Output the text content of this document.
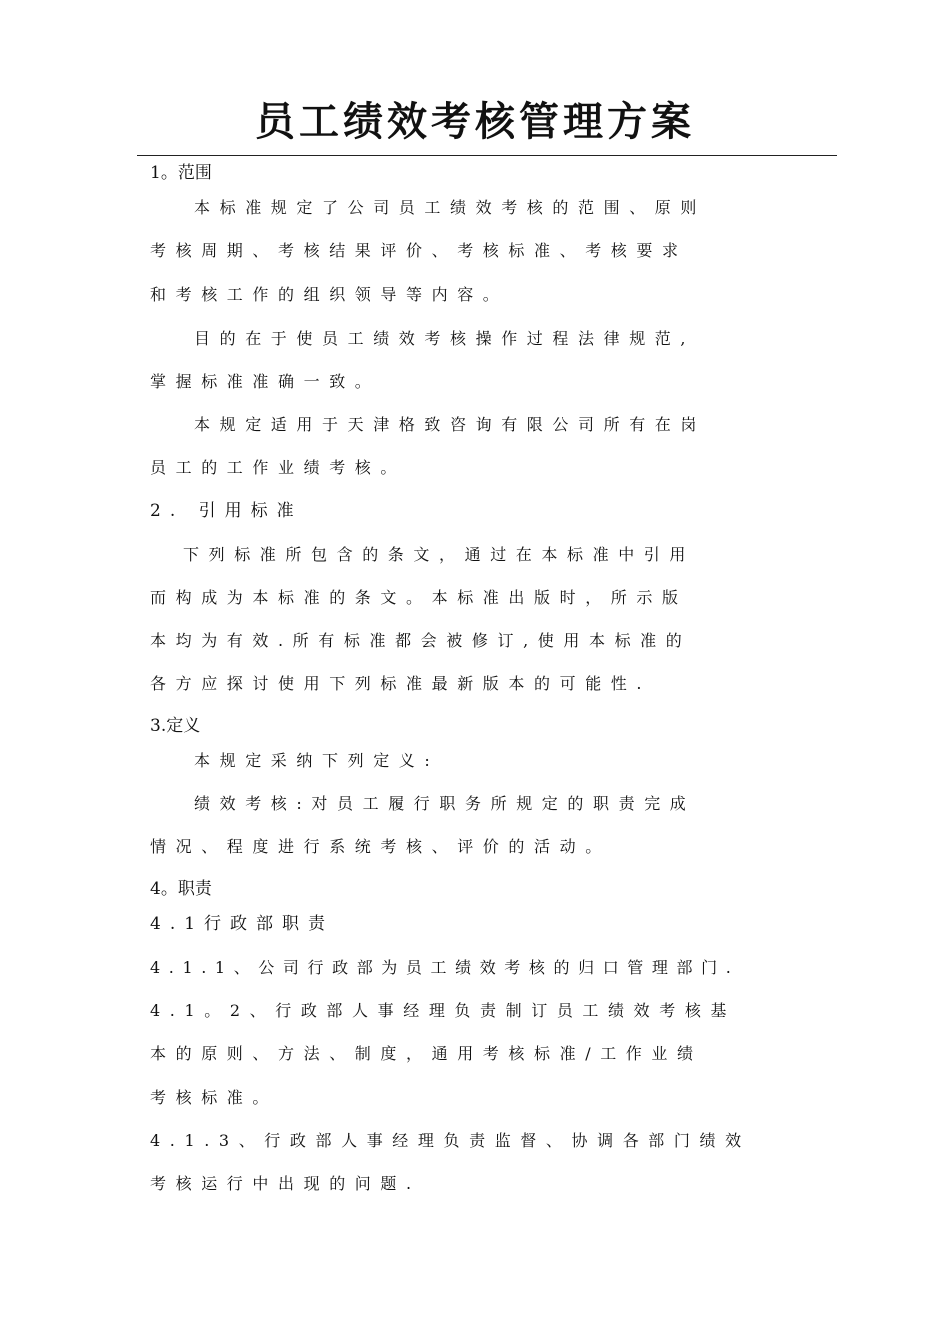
员工绩效考核管理方案
1。范围
本标准规定了公司员工绩效考核的范围、原则
考核周期、考核结果评价、考核标准、考核要求
和考核工作的组织领导等内容。
目的在于使员工绩效考核操作过程法律规范,
掌握标准准确一致。
本规定适用于天津格致咨询有限公司所有在岗
员工的工作业绩考核。
2. 引用标准
下列标准所包含的条文，通过在本标准中引用
而构成为本标准的条文。本标准出版时，所示版
本均为有效.所有标准都会被修订,使用本标准的
各方应探讨使用下列标准最新版本的可能性.
3.定义
本规定采纳下列定义:
绩效考核:对员工履行职务所规定的职责完成
情况、程度进行系统考核、评价的活动。
4。职责
4.1行政部职责
4.1.1、公司行政部为员工绩效考核的归口管理部门.
4.1。2、行政部人事经理负责制订员工绩效考核基
本的原则、方法、制度，通用考核标准/工作业绩
考核标准。
4.1.3、行政部人事经理负责监督、协调各部门绩效
考核运行中出现的问题.
